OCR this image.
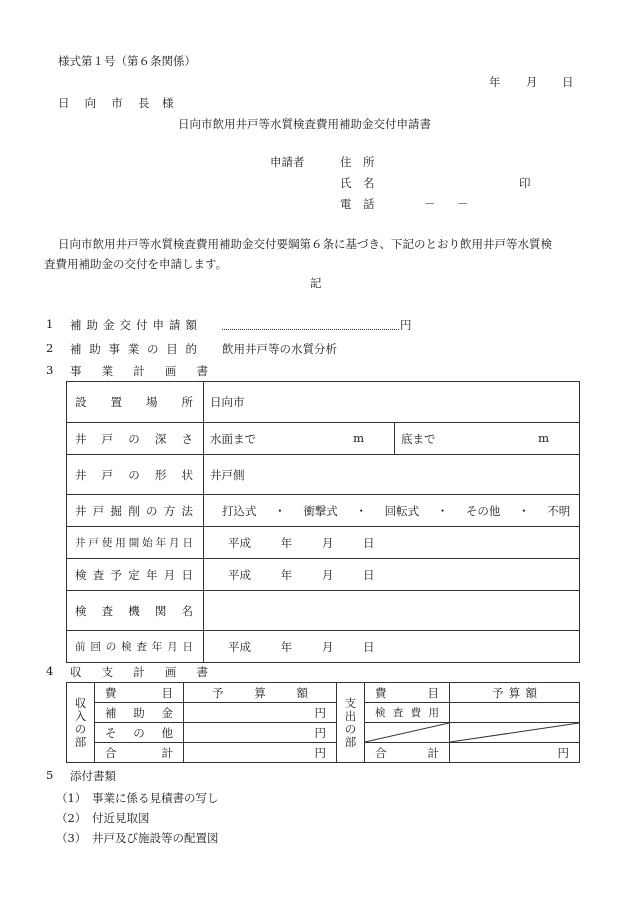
様式第１号（第６条関係）
年 月 日
日 向 市 長 様
日向市飲用井戸等水質検査費用補助金交付申請書
申請者	住　所
氏　名	印
電　話	－ －
日向市飲用井戸等水質検査費用補助金交付要綱第６条に基づき、下記のとおり飲用井戸等水質検
査費用補助金の交付を申請します。
記
1 補助金交付申請額	円
2 補助事業の目的 飲用井戸等の水質分析
3 事業計画書
設置場所	日向市	

井戸の深さ	水面まで m	底まで m

井戸の形状	井戸側	

井戸掘削の方法	打込式 ・ 衝撃式 ・ 回転式 ・ その他 ・ 不明	

井戸使用開始年月日	平成 年 月 日	

検査予定年月日	平成 年 月 日	

検査機関名		

前回の検査年月日	平成 年 月 日	
4 収支計画書
収入の部	費目	予算額	支出の部	費目	予算額
	補助金	円		検査費用	
	その他	円	

	合計	円		合計	円
5 添付書類
（1） 事業に係る見積書の写し
（2） 付近見取図
（3） 井戸及び施設等の配置図
